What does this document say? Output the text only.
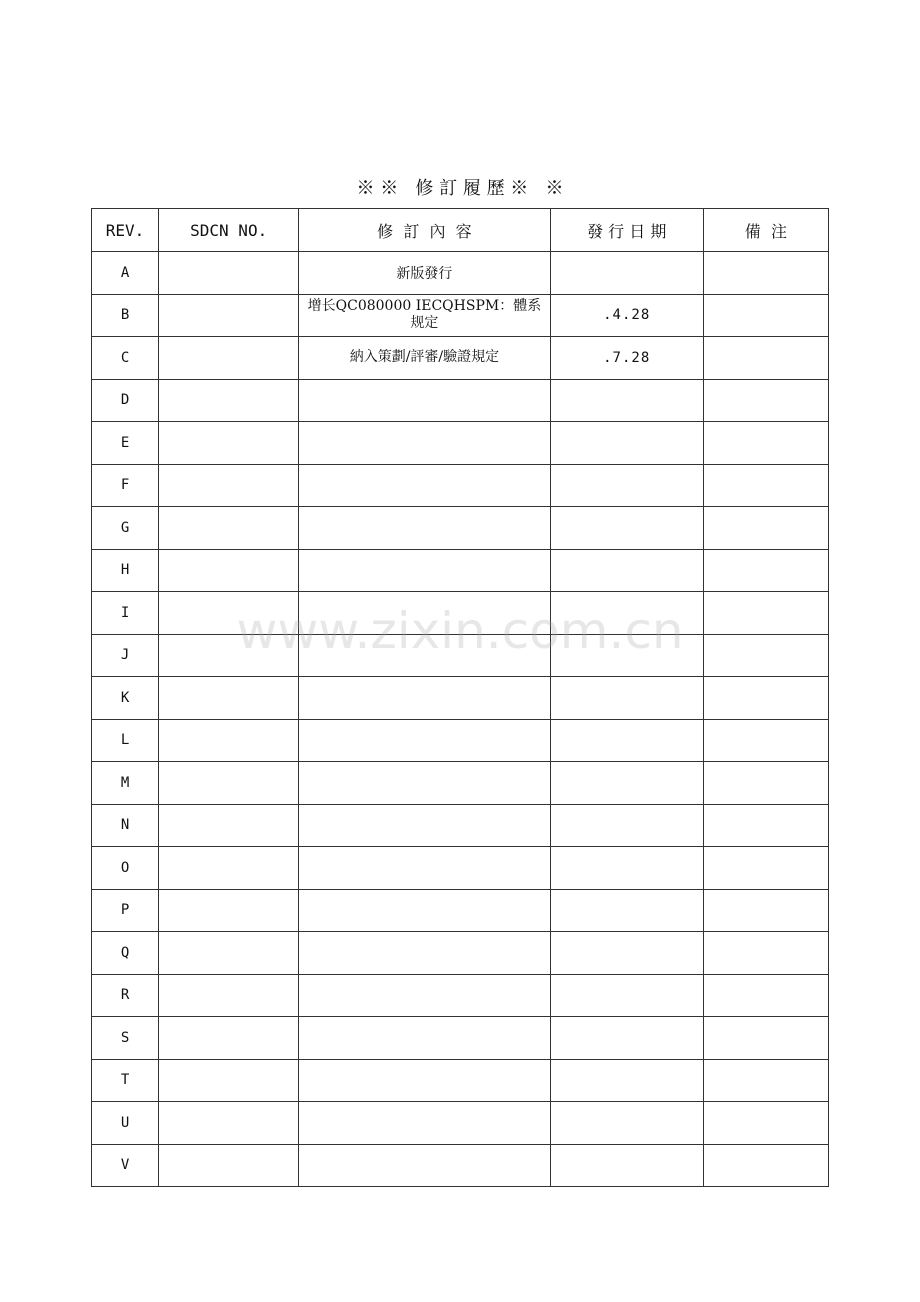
※ ※   修 訂 履 歷 ※   ※
REV.	SDCN NO.	修  訂  內  容	發 行 日 期	備  注
A		新版發行		
B		增长QC080000 IECQHSPM：體系规定	.4.28	
C		納入策劃/評審/驗證規定	.7.28	
D				
E				
F				
G				
H				
I				
J				
K				
L				
M				
N				
O				
P				
Q				
R				
S				
T				
U				
V				
www.zixin.com.cn
